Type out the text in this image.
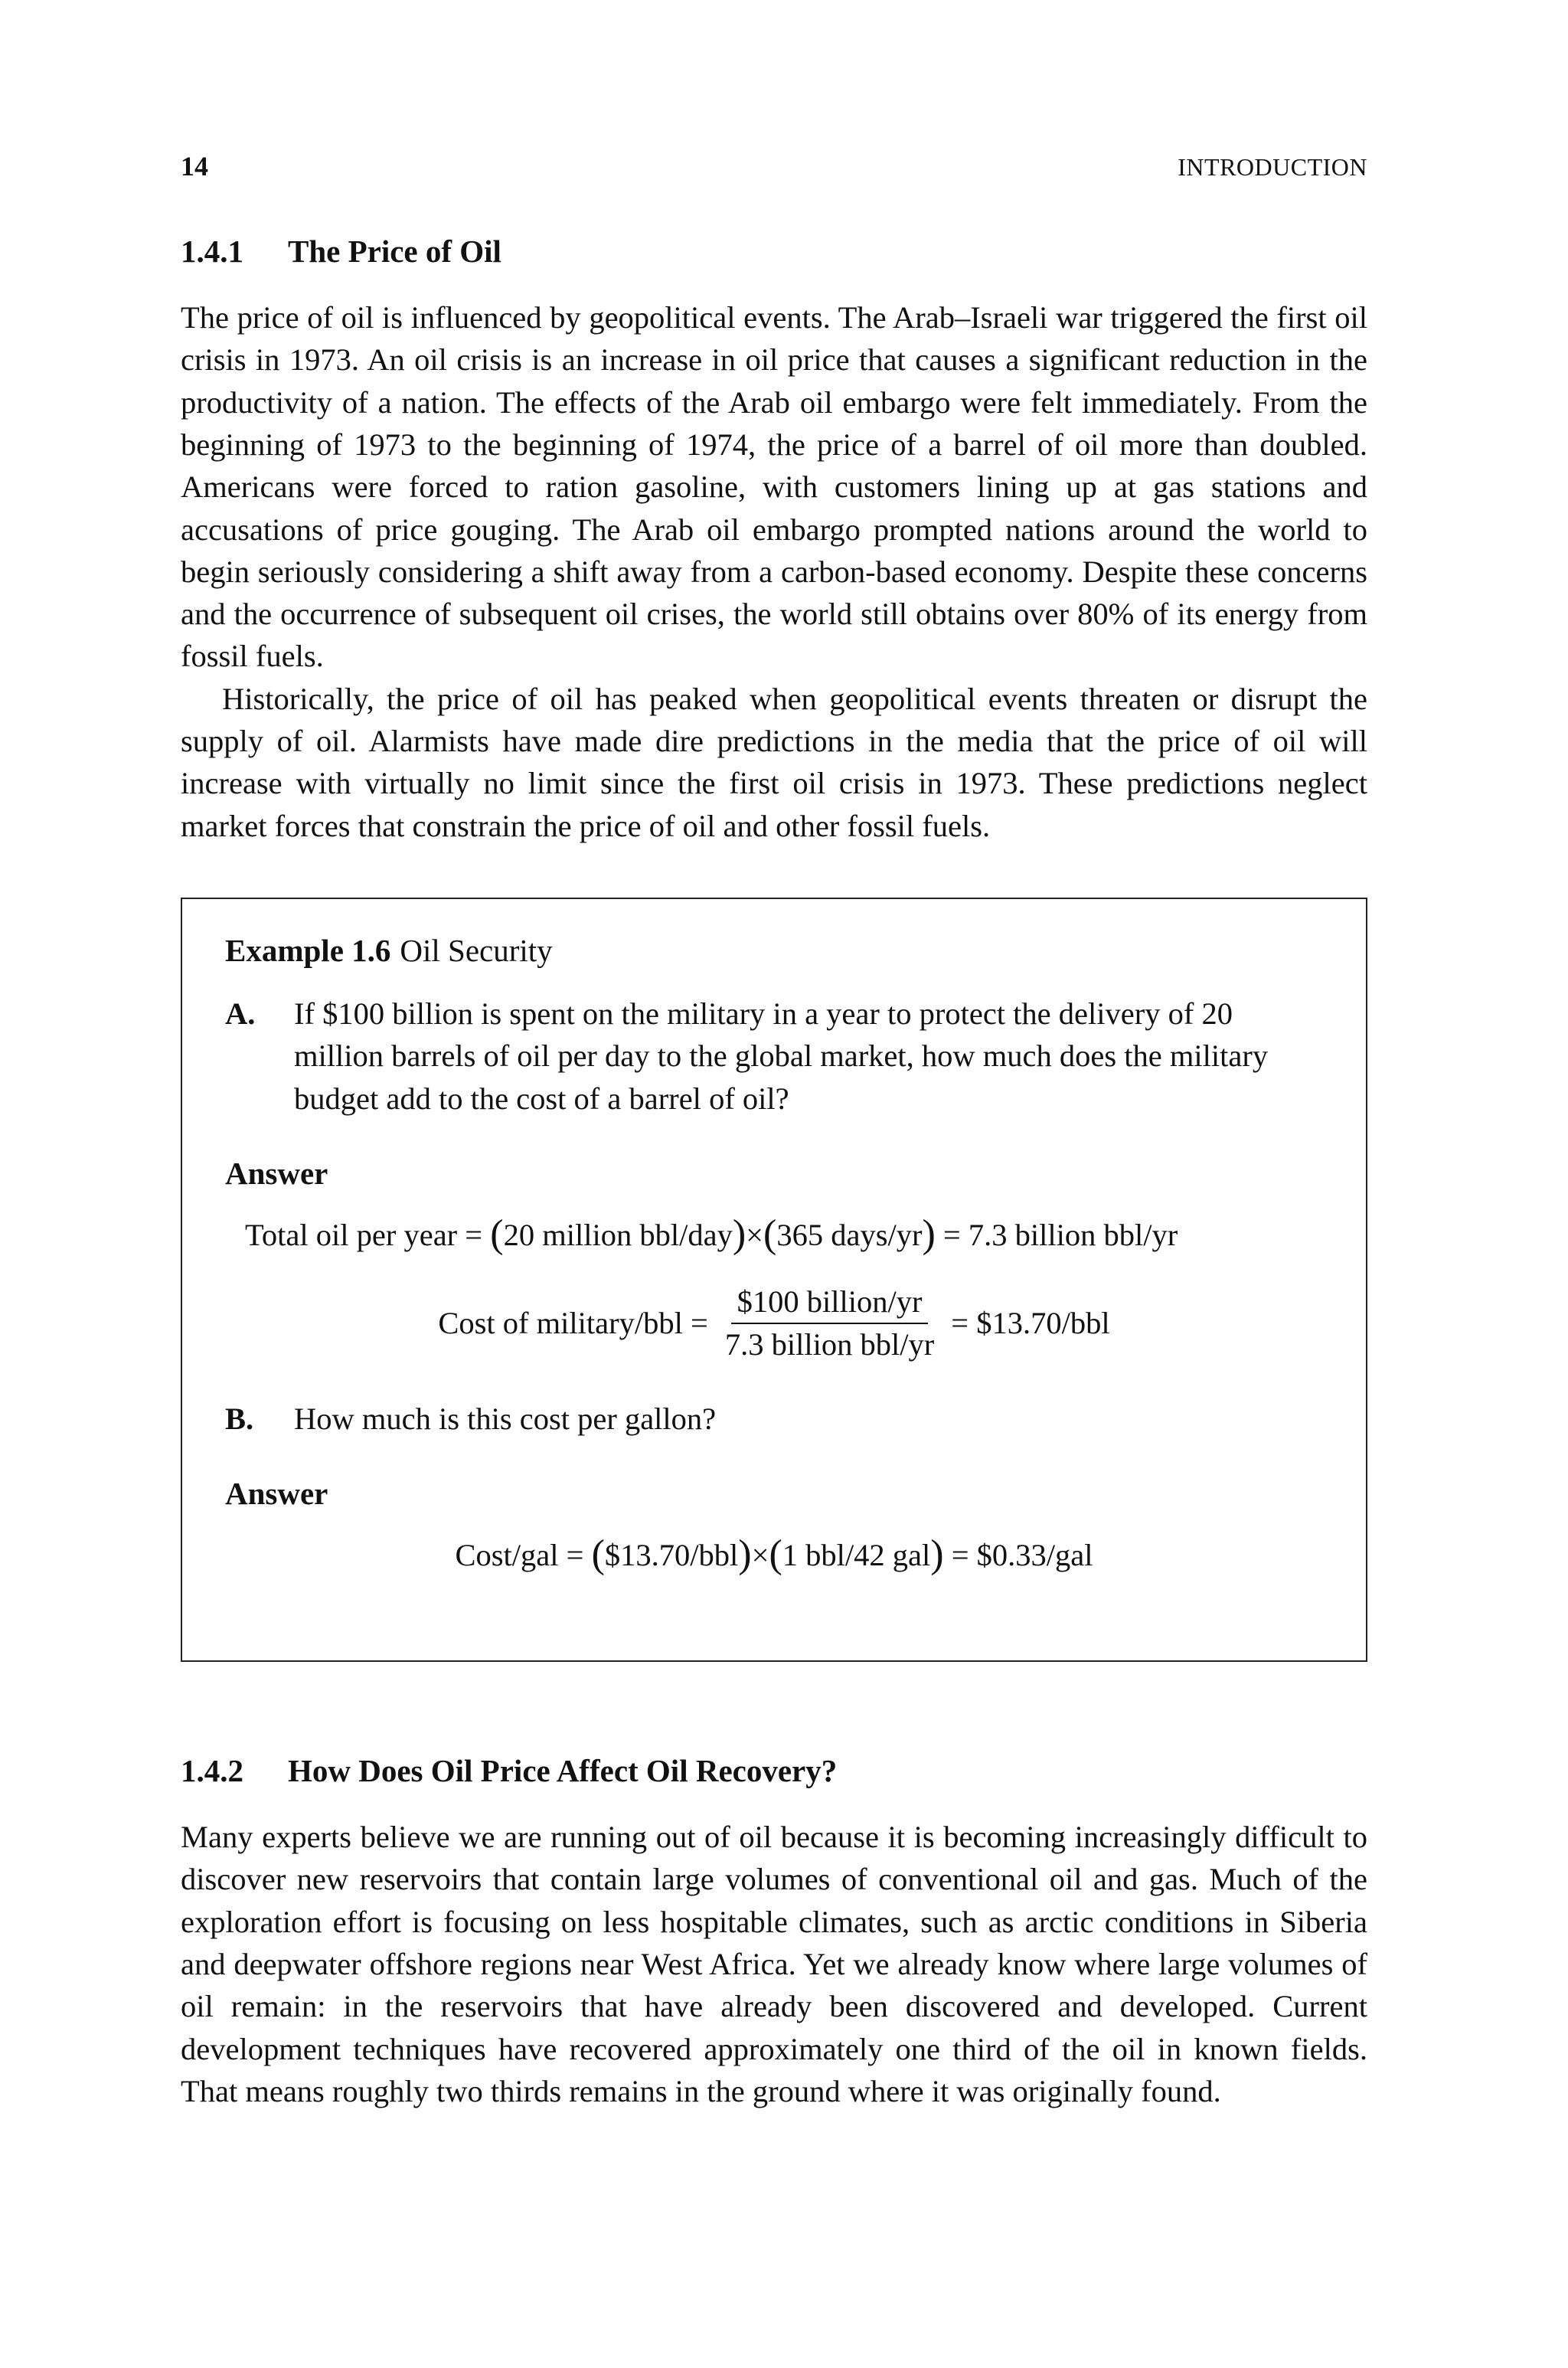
14	INTRODUCTION
1.4.1 The Price of Oil

The price of oil is influenced by geopolitical events. The Arab–Israeli war triggered the first oil crisis in 1973. An oil crisis is an increase in oil price that causes a significant reduction in the productivity of a nation. The effects of the Arab oil embargo were felt immediately. From the beginning of 1973 to the beginning of 1974, the price of a barrel of oil more than doubled. Americans were forced to ration gasoline, with customers lining up at gas stations and accusations of price gouging. The Arab oil embargo prompted nations around the world to begin seriously considering a shift away from a carbon-based economy. Despite these concerns and the occurrence of subsequent oil crises, the world still obtains over 80% of its energy from fossil fuels.

Historically, the price of oil has peaked when geopolitical events threaten or disrupt the supply of oil. Alarmists have made dire predictions in the media that the price of oil will increase with virtually no limit since the first oil crisis in 1973. These predictions neglect market forces that constrain the price of oil and other fossil fuels.

Example 1.6 Oil Security
A.	If $100 billion is spent on the military in a year to protect the delivery of 20 million barrels of oil per day to the global market, how much does the military budget add to the cost of a barrel of oil?
Answer
Total oil per year = (20 million bbl/day)×(365 days/yr) = 7.3 billion bbl/yr
Cost of military/bbl = $\frac{\text{\$100 billion/yr}}{\text{7.3 billion bbl/yr}}$ = $13.70/bbl
B.	How much is this cost per gallon?
Answer
Cost/gal = ($13.70/bbl)×(1 bbl/42 gal) = $0.33/gal
1.4.2 How Does Oil Price Affect Oil Recovery?

Many experts believe we are running out of oil because it is becoming increasingly difficult to discover new reservoirs that contain large volumes of conventional oil and gas. Much of the exploration effort is focusing on less hospitable climates, such as arctic conditions in Siberia and deepwater offshore regions near West Africa. Yet we already know where large volumes of oil remain: in the reservoirs that have already been discovered and developed. Current development techniques have recovered approximately one third of the oil in known fields. That means roughly two thirds remains in the ground where it was originally found.
